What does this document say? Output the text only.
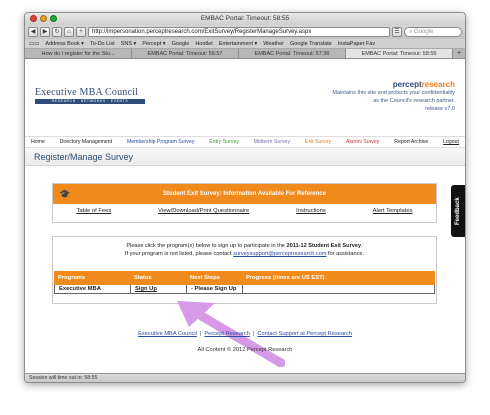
EMBAC Portal: Timeout: 58:55
◀	▶	↻	⌂	+	http://impersonation.perceptresearch.com/ExitSurvey/RegisterManageSurvey.aspx	☰	⌕ Google
▭▭ Address Book ▾ To-Do List SNS ▾ Percept ▾ Google Hootlet Entertainment ▾ Weather Google Translate InstaPaper Fav
How do I register for the Stu...	EMBAC Portal: Timeout: 56:57	EMBAC Portal: Timeout: 57:36	EMBAC Portal: Timeout: 58:55	+
Executive MBA Council
RESEARCH · NETWORKS · EVENTS
perceptresearch
Maintains this site and protects your confidentiality
as the Council's research partner.
release v7.0
Home	Directory Management	Membership Program Survey	Entry Survey	Midterm Survey	Exit Survey	Alumni Survey	Report Archive	Logout
Register/Manage Survey
🎓	Student Exit Survey: Information Available For Reference
Table of Fees	View/Download/Print Questionnaire	Instructions	Alert Templates
Please click the program(s) below to sign up to participate in the 2011-12 Student Exit Survey.
If your program is not listed, please contact surveysupport@perceptresearch.com for assistance.
Programs	Status	Next Steps	Progress (times are US EST)
Executive MBA	Sign Up	- Please Sign Up
Executive MBA Council | Percept Research | Contact Support at Percept Research
All Content © 2012 Percept Research
Feedback
Session will time out in: 58:55
